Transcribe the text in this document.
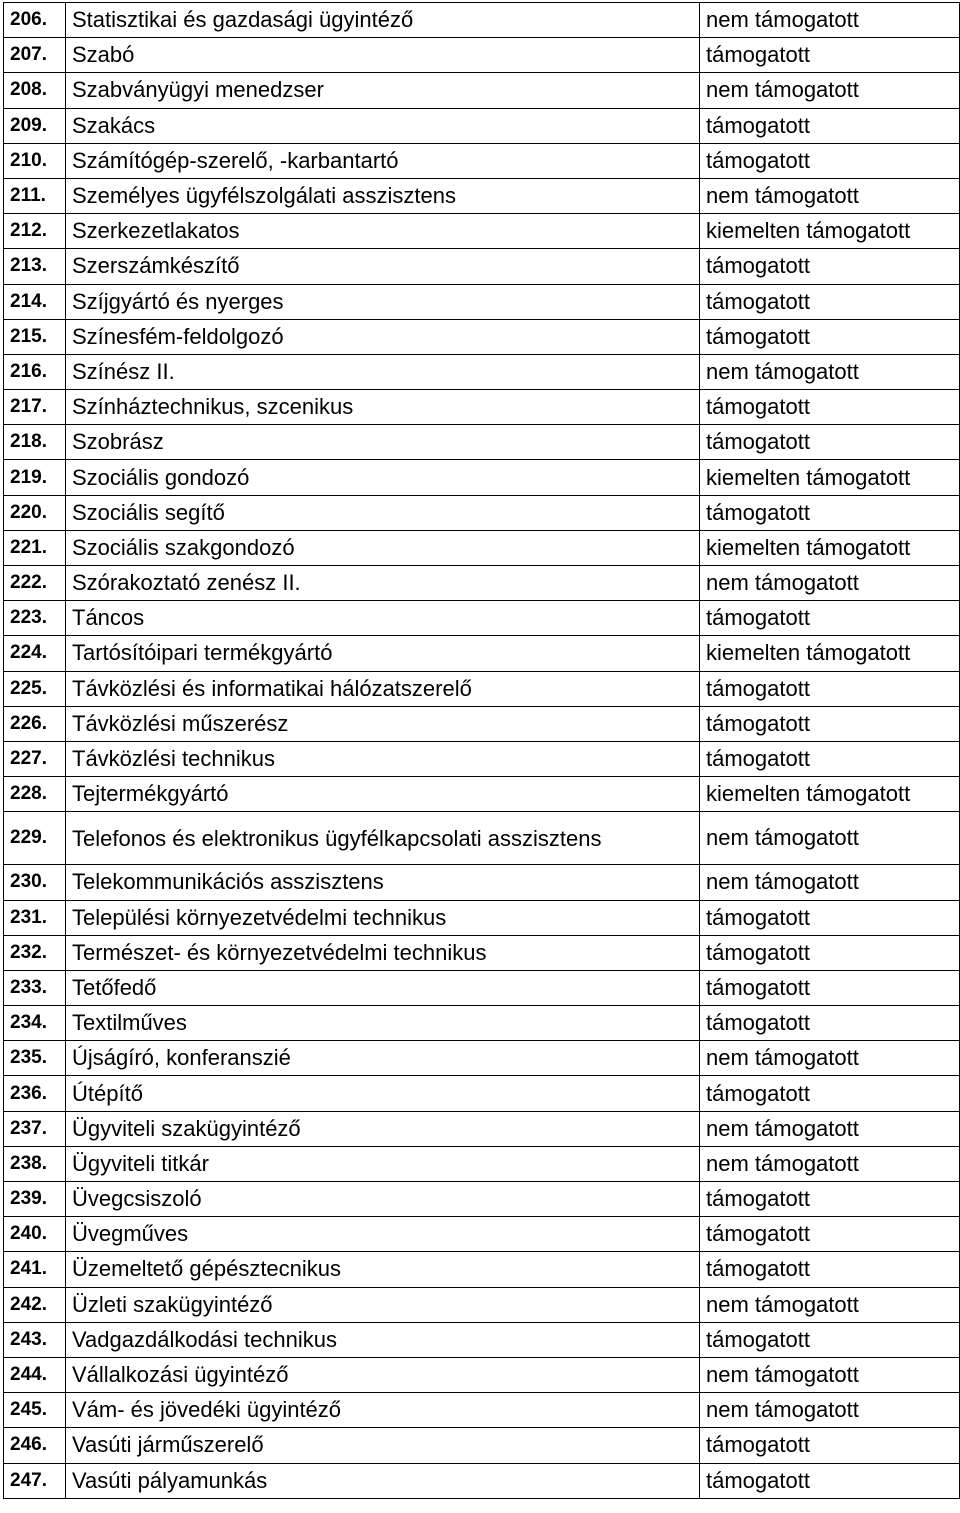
206.	Statisztikai és gazdasági ügyintéző	nem támogatott
207.	Szabó	támogatott
208.	Szabványügyi menedzser	nem támogatott
209.	Szakács	támogatott
210.	Számítógép-szerelő, -karbantartó	támogatott
211.	Személyes ügyfélszolgálati asszisztens	nem támogatott
212.	Szerkezetlakatos	kiemelten támogatott
213.	Szerszámkészítő	támogatott
214.	Szíjgyártó és nyerges	támogatott
215.	Színesfém-feldolgozó	támogatott
216.	Színész II.	nem támogatott
217.	Színháztechnikus, szcenikus	támogatott
218.	Szobrász	támogatott
219.	Szociális gondozó	kiemelten támogatott
220.	Szociális segítő	támogatott
221.	Szociális szakgondozó	kiemelten támogatott
222.	Szórakoztató zenész II.	nem támogatott
223.	Táncos	támogatott
224.	Tartósítóipari termékgyártó	kiemelten támogatott
225.	Távközlési és informatikai hálózatszerelő	támogatott
226.	Távközlési műszerész	támogatott
227.	Távközlési technikus	támogatott
228.	Tejtermékgyártó	kiemelten támogatott
229.	Telefonos és elektronikus ügyfélkapcsolati asszisztens	nem támogatott
230.	Telekommunikációs asszisztens	nem támogatott
231.	Települési környezetvédelmi technikus	támogatott
232.	Természet- és környezetvédelmi technikus	támogatott
233.	Tetőfedő	támogatott
234.	Textilműves	támogatott
235.	Újságíró, konferanszié	nem támogatott
236.	Útépítő	támogatott
237.	Ügyviteli szakügyintéző	nem támogatott
238.	Ügyviteli titkár	nem támogatott
239.	Üvegcsiszoló	támogatott
240.	Üvegműves	támogatott
241.	Üzemeltető gépésztecnikus	támogatott
242.	Üzleti szakügyintéző	nem támogatott
243.	Vadgazdálkodási technikus	támogatott
244.	Vállalkozási ügyintéző	nem támogatott
245.	Vám- és jövedéki ügyintéző	nem támogatott
246.	Vasúti járműszerelő	támogatott
247.	Vasúti pályamunkás	támogatott
